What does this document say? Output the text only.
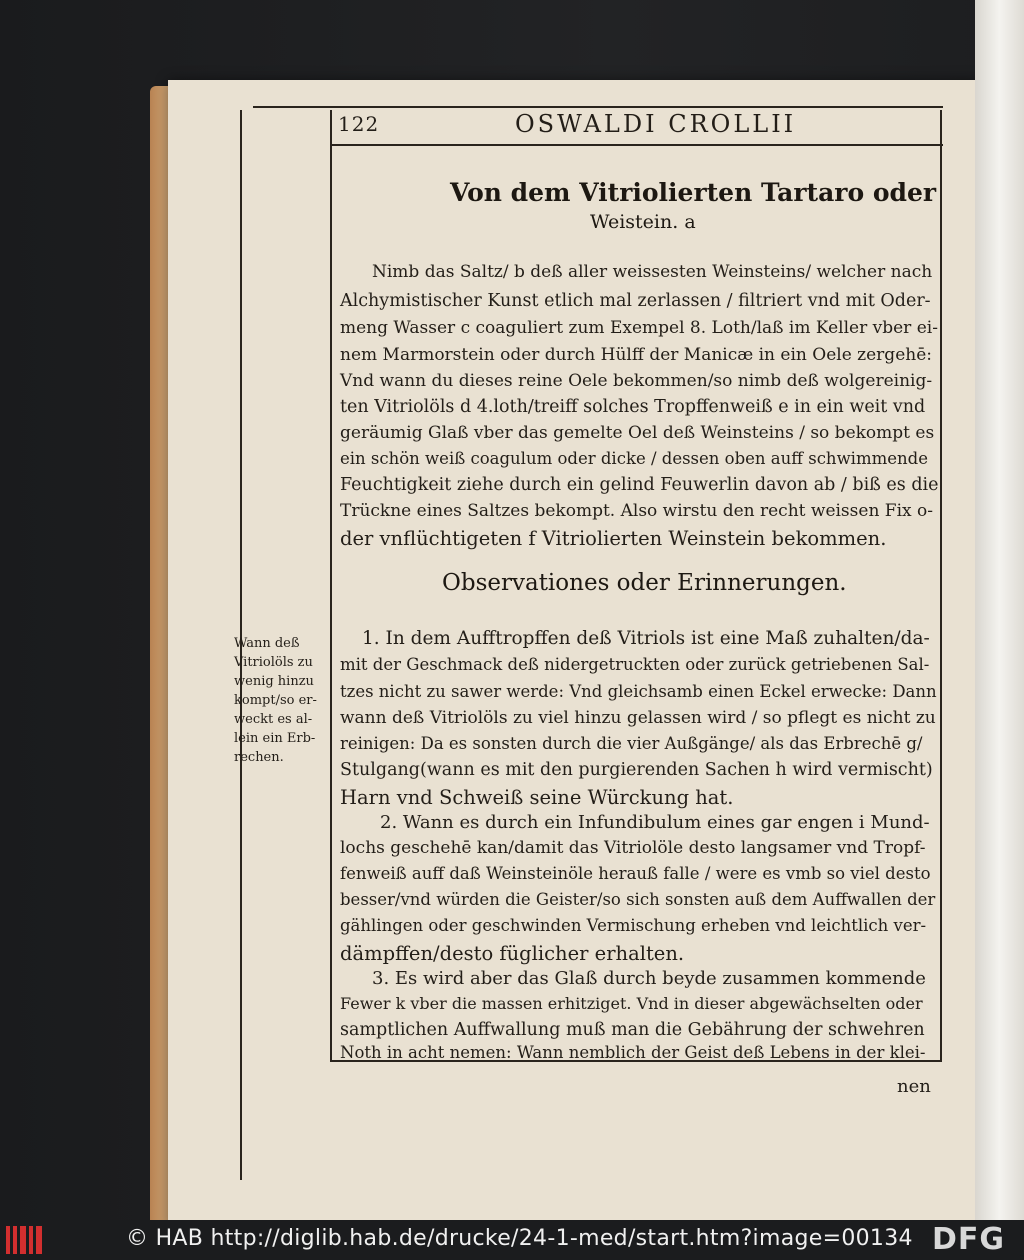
122	OSWALDI CROLLII
Von dem Vitriolierten Tartaro oder
Weistein. a
Nimb das Saltz/ b deß aller weissesten Weinsteins/ welcher nach
Alchymistischer Kunst etlich mal zerlassen / filtriert vnd mit Oder-
meng Wasser c coaguliert zum Exempel 8. Loth/laß im Keller vber ei-
nem Marmorstein oder durch Hülff der Manicæ in ein Oele zergehē:
Vnd wann du dieses reine Oele bekommen/so nimb deß wolgereinig-
ten Vitriolöls d 4.loth/treiff solches Tropffenweiß e in ein weit vnd
geräumig Glaß vber das gemelte Oel deß Weinsteins / so bekompt es
ein schön weiß coagulum oder dicke / dessen oben auff schwimmende
Feuchtigkeit ziehe durch ein gelind Feuwerlin davon ab / biß es die
Trückne eines Saltzes bekompt. Also wirstu den recht weissen Fix o-
der vnflüchtigeten f Vitriolierten Weinstein bekommen.
Observationes oder Erinnerungen.
Wann deß
Vitriolöls zu
wenig hinzu
kompt/so er-
weckt es al-
lein ein Erb-
rechen.
1. In dem Aufftropffen deß Vitriols ist eine Maß zuhalten/da-
mit der Geschmack deß nidergetruckten oder zurück getriebenen Sal-
tzes nicht zu sawer werde: Vnd gleichsamb einen Eckel erwecke: Dann
wann deß Vitriolöls zu viel hinzu gelassen wird / so pflegt es nicht zu
reinigen: Da es sonsten durch die vier Außgänge/ als das Erbrechē g/
Stulgang(wann es mit den purgierenden Sachen h wird vermischt)
Harn vnd Schweiß seine Würckung hat.
2. Wann es durch ein Infundibulum eines gar engen i Mund-
lochs geschehē kan/damit das Vitriolöle desto langsamer vnd Tropf-
fenweiß auff daß Weinsteinöle herauß falle / were es vmb so viel desto
besser/vnd würden die Geister/so sich sonsten auß dem Auffwallen der
gählingen oder geschwinden Vermischung erheben vnd leichtlich ver-
dämpffen/desto füglicher erhalten.
3. Es wird aber das Glaß durch beyde zusammen kommende
Fewer k vber die massen erhitziget. Vnd in dieser abgewächselten oder
samptlichen Auffwallung muß man die Gebährung der schwehren
Noth in acht nemen: Wann nemblich der Geist deß Lebens in der klei-
nen
© HAB http://diglib.hab.de/drucke/24-1-med/start.htm?image=00134 DFG
